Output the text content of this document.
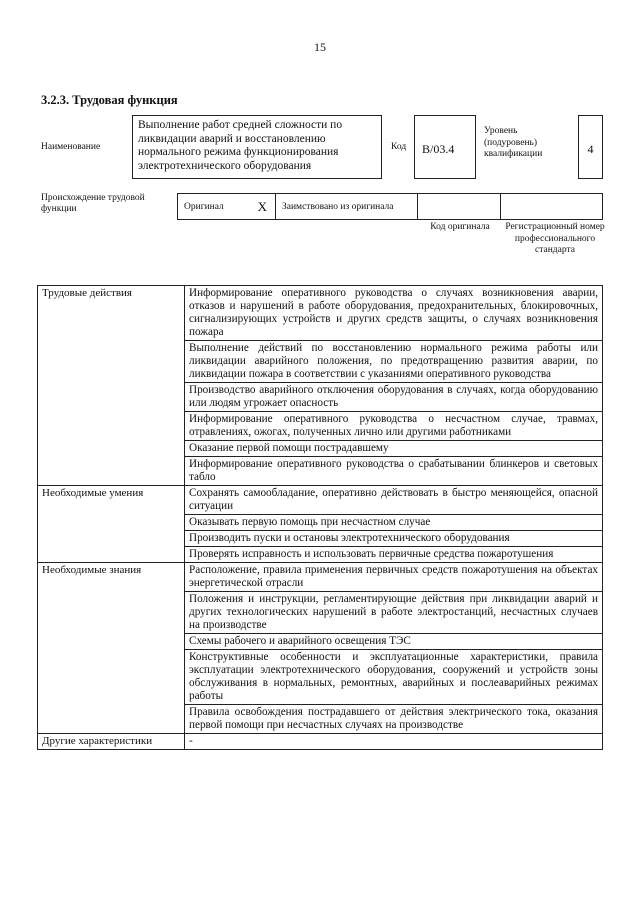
15
3.2.3. Трудовая функция
Наименование
Выполнение работ средней сложности по ликвидации аварий и восстановлению нормального режима функционирования электротехнического оборудования
Код	В/03.4
Уровень (подуровень) квалификации	4
Происхождение трудовой функции	Оригинал	X	Заимствовано из оригинала
Код оригинала	Регистрационный номер профессионального стандарта
Трудовые действия	Информирование оперативного руководства о случаях возникновения аварии, отказов и нарушений в работе оборудования, предохранительных, блокировочных, сигнализирующих устройств и других средств защиты, о случаях возникновения пожара
	Выполнение действий по восстановлению нормального режима работы или ликвидации аварийного положения, по предотвращению развития аварии, по ликвидации пожара в соответствии с указаниями оперативного руководства
	Производство аварийного отключения оборудования в случаях, когда оборудованию или людям угрожает опасность
	Информирование оперативного руководства о несчастном случае, травмах, отравлениях, ожогах, полученных лично или другими работниками
	Оказание первой помощи пострадавшему
	Информирование оперативного руководства о срабатывании блинкеров и световых табло
Необходимые умения	Сохранять самообладание, оперативно действовать в быстро меняющейся, опасной ситуации
	Оказывать первую помощь при несчастном случае
	Производить пуски и остановы электротехнического оборудования
	Проверять исправность и использовать первичные средства пожаротушения
Необходимые знания	Расположение, правила применения первичных средств пожаротушения на объектах энергетической отрасли
	Положения и инструкции, регламентирующие действия при ликвидации аварий и других технологических нарушений в работе электростанций, несчастных случаев на производстве
	Схемы рабочего и аварийного освещения ТЭС
	Конструктивные особенности и эксплуатационные характеристики, правила эксплуатации электротехнического оборудования, сооружений и устройств зоны обслуживания в нормальных, ремонтных, аварийных и послеаварийных режимах работы
	Правила освобождения пострадавшего от действия электрического тока, оказания первой помощи при несчастных случаях на производстве
Другие характеристики	-
